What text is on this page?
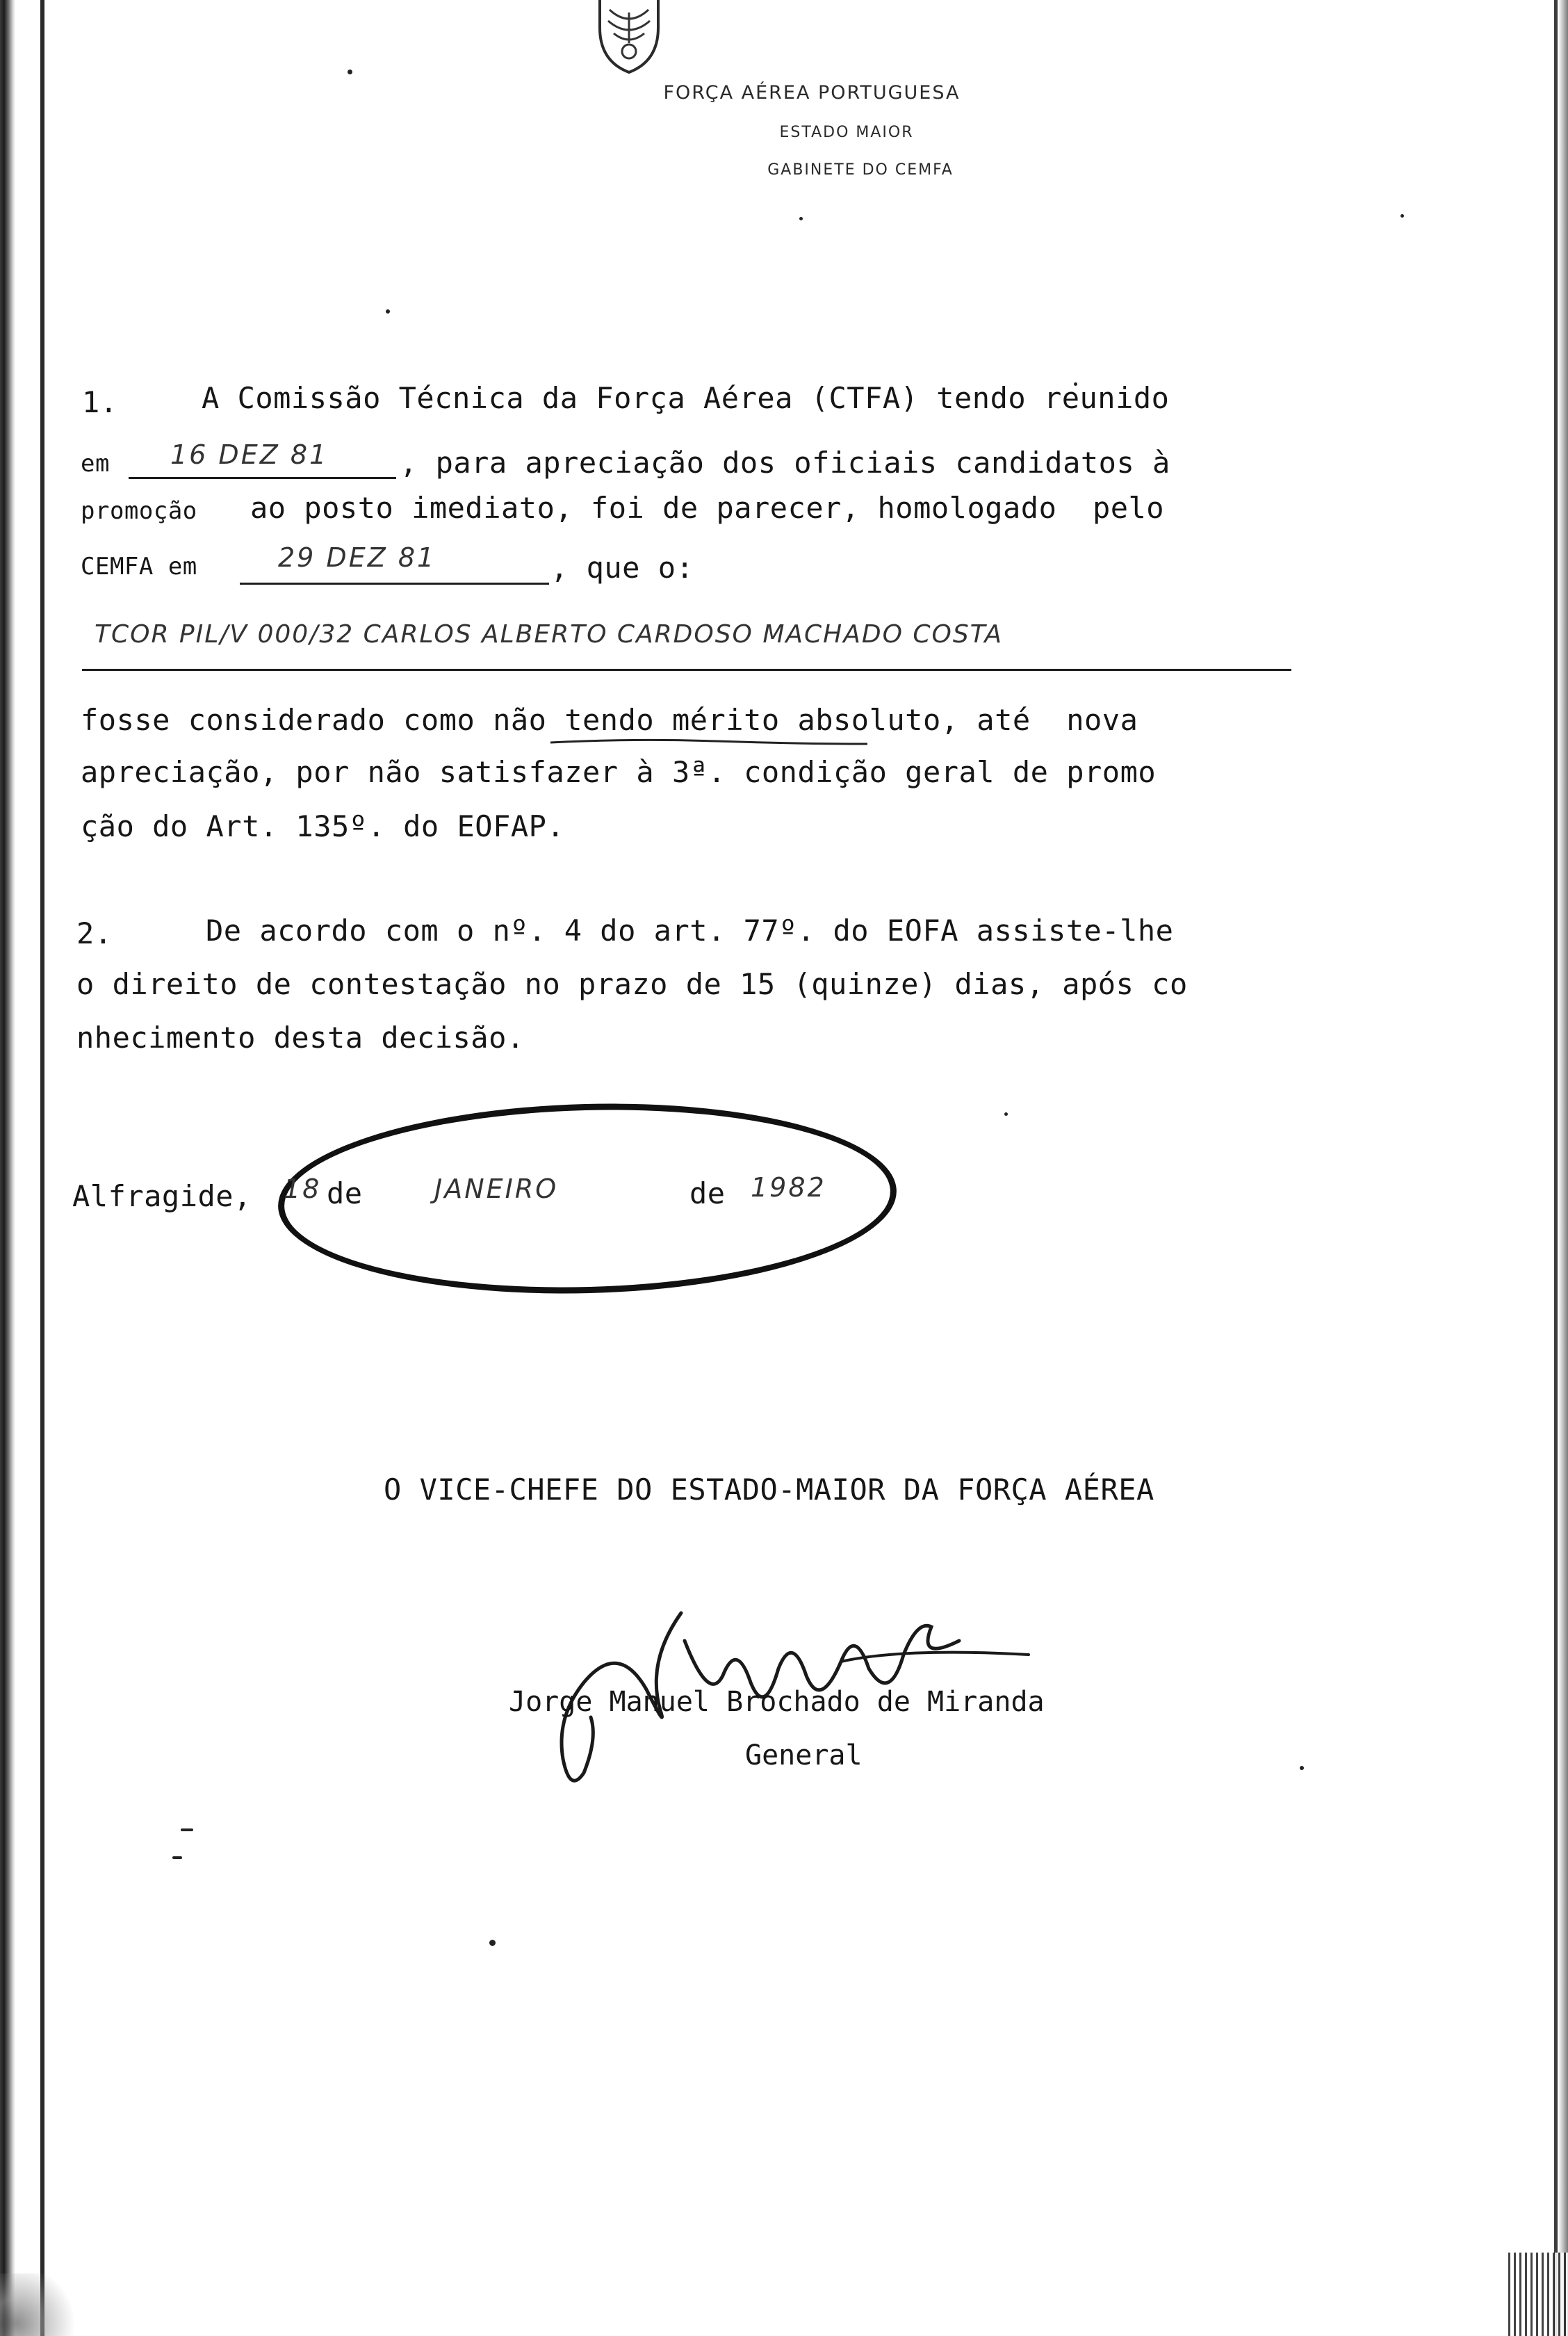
FORÇA AÉREA PORTUGUESA
ESTADO MAIOR
GABINETE DO CEMFA
1.	A Comissão Técnica da Força Aérea (CTFA) tendo reunido
em 16 DEZ 81 , para apreciação dos oficiais candidatos à
promoção ao posto imediato, foi de parecer, homologado  pelo
CEMFA em	29 DEZ 81	, que o:
TCOR PIL/V 000/32 CARLOS ALBERTO CARDOSO MACHADO COSTA
fosse considerado como não tendo mérito absoluto, até  nova
apreciação, por não satisfazer à 3ª. condição geral de promo
ção do Art. 135º. do EOFAP.
2.	De acordo com o nº. 4 do art. 77º. do EOFA assiste-lhe
o direito de contestação no prazo de 15 (quinze) dias, após co
nhecimento desta decisão.
Alfragide, 18 de	JANEIRO	de 1982
O VICE-CHEFE DO ESTADO-MAIOR DA FORÇA AÉREA
Jorge Manuel Brochado de Miranda
General
